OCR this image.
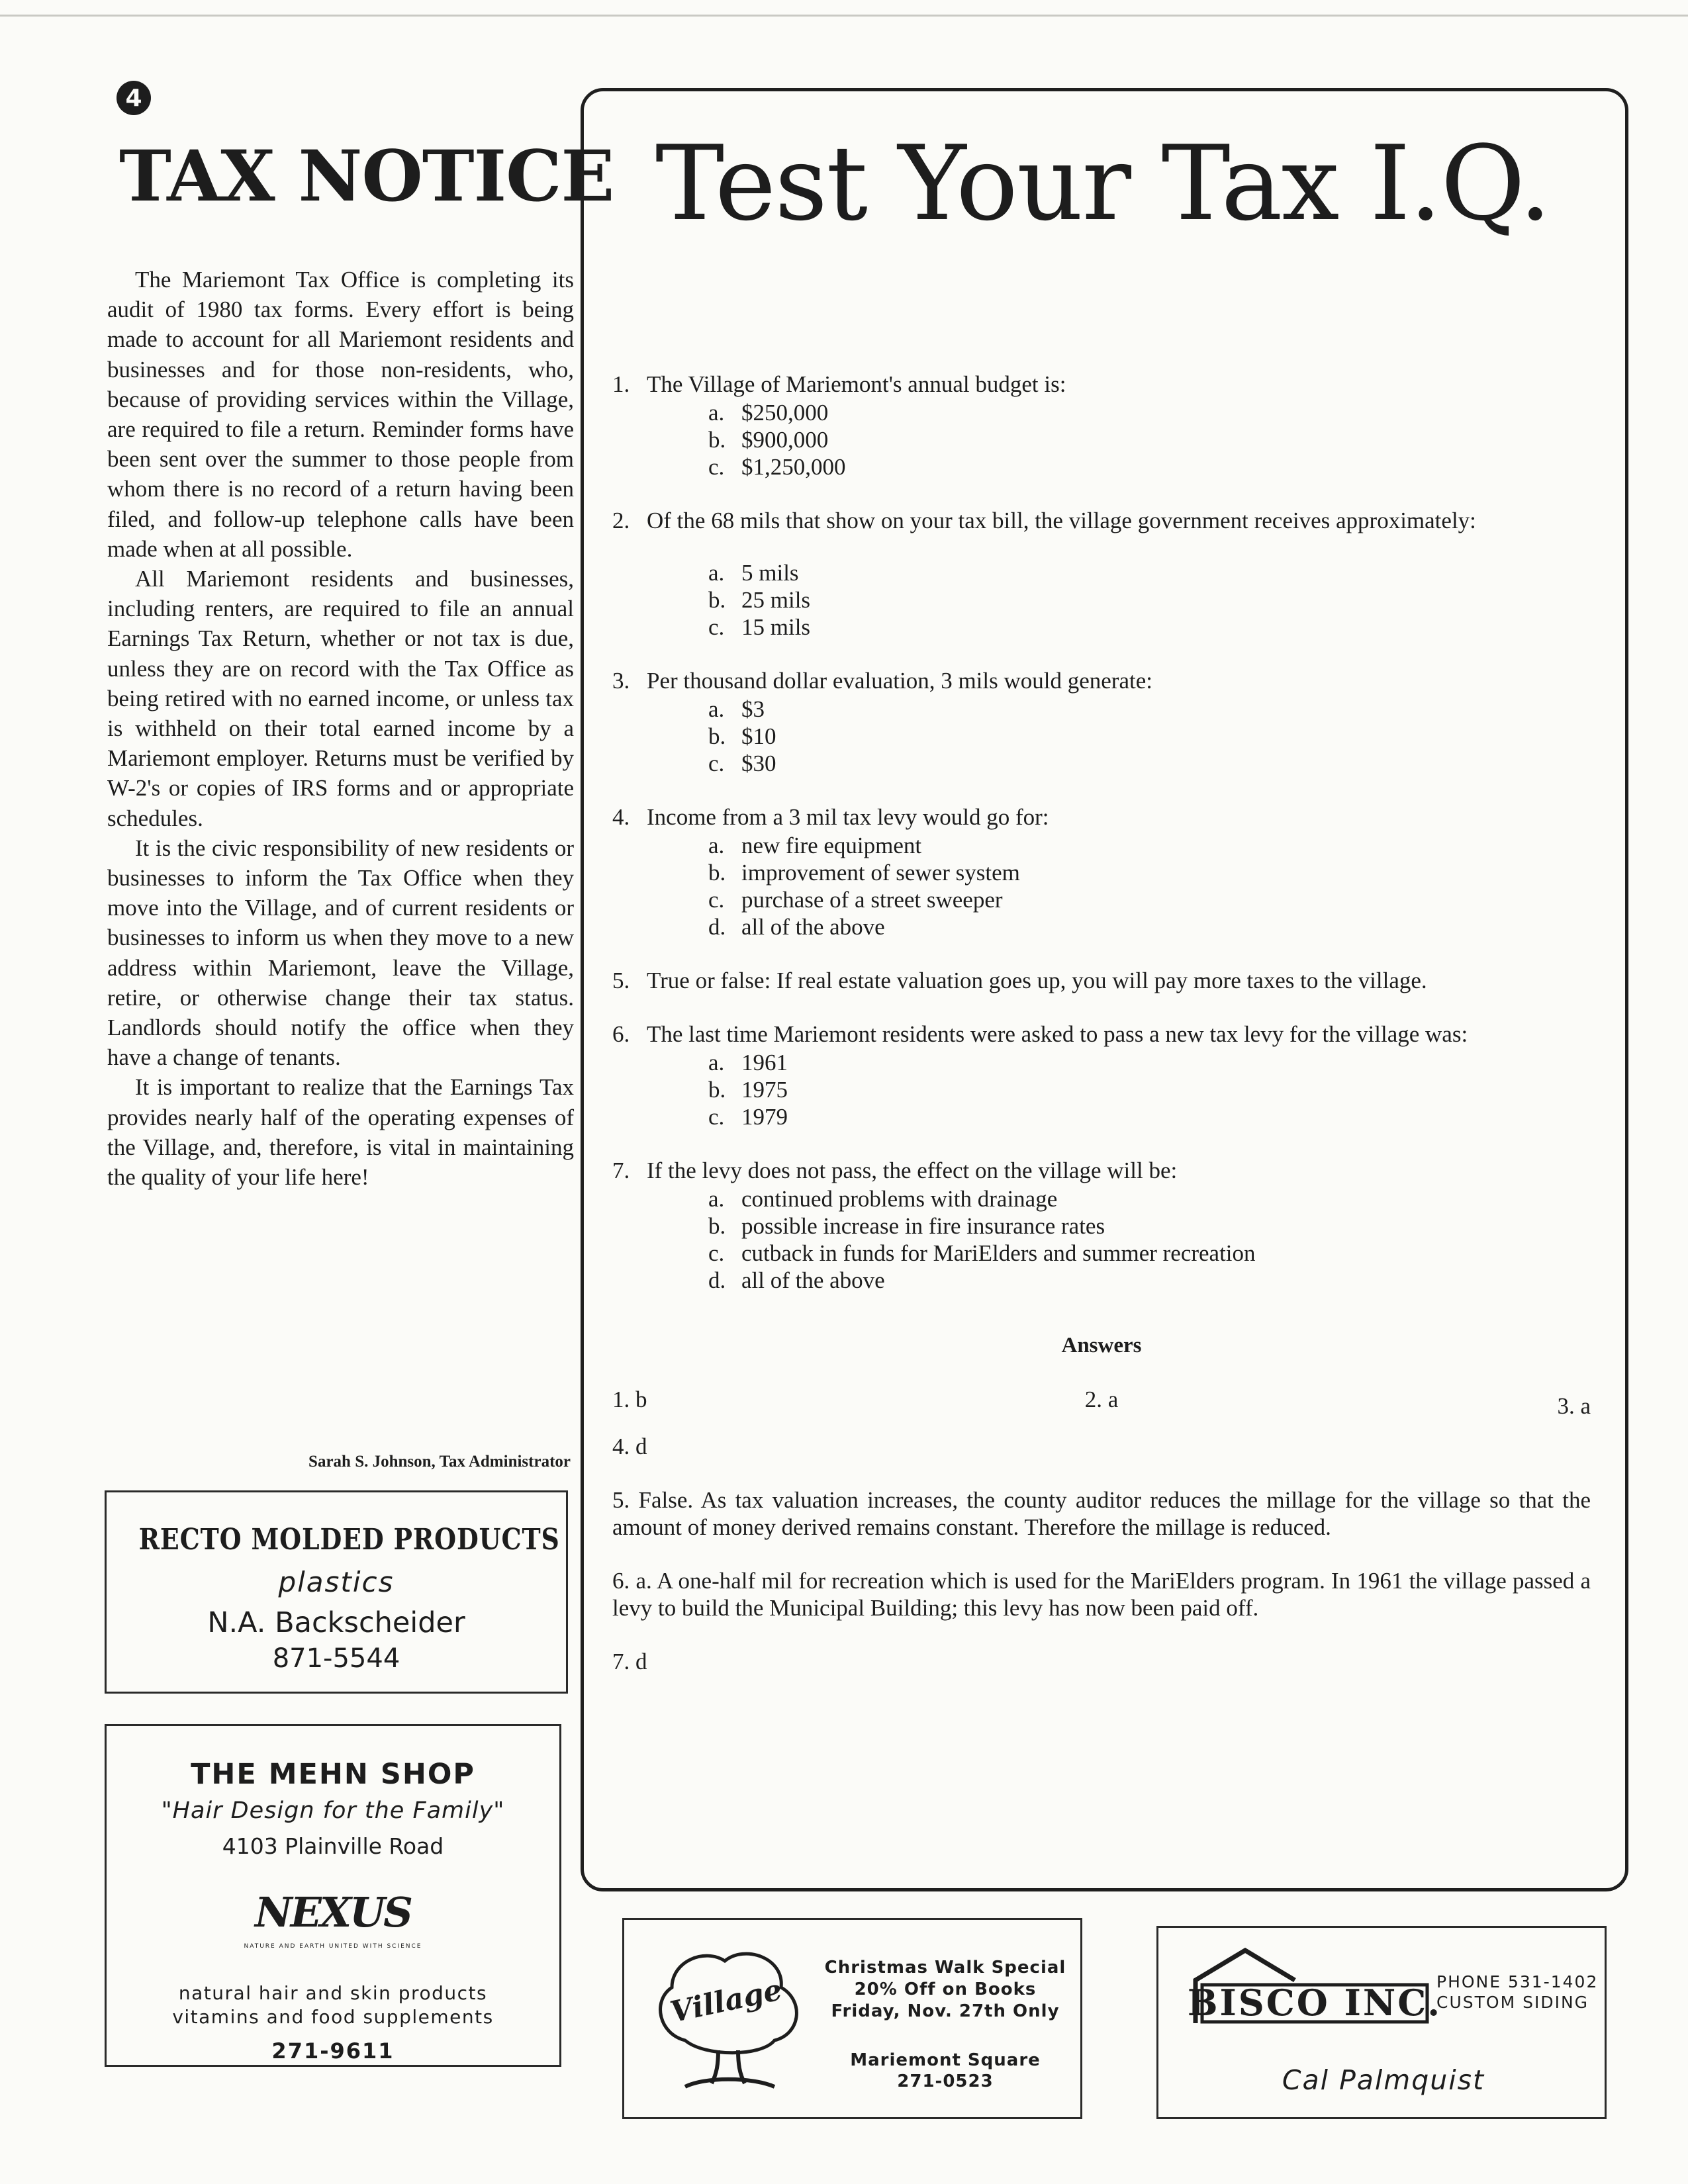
4
TAX NOTICE

The Mariemont Tax Office is completing its audit of 1980 tax forms. Every effort is being made to account for all Mariemont residents and businesses and for those non-residents, who, because of providing services within the Village, are required to file a return. Reminder forms have been sent over the summer to those people from whom there is no record of a return having been filed, and follow-up telephone calls have been made when at all possible.

All Mariemont residents and businesses, including renters, are required to file an annual Earnings Tax Return, whether or not tax is due, unless they are on record with the Tax Office as being retired with no earned income, or unless tax is withheld on their total earned income by a Mariemont employer. Returns must be verified by W-2's or copies of IRS forms and or appropriate schedules.

It is the civic responsibility of new residents or businesses to inform the Tax Office when they move into the Village, and of current residents or businesses to inform us when they move to a new address within Mariemont, leave the Village, retire, or otherwise change their tax status. Landlords should notify the office when they have a change of tenants.

It is important to realize that the Earnings Tax provides nearly half of the operating expenses of the Village, and, therefore, is vital in maintaining the quality of your life here!

Sarah S. Johnson, Tax Administrator
RECTO MOLDED PRODUCTS
plastics
N.A. Backscheider
871-5544
THE MEHN SHOP
"Hair Design for the Family"
4103 Plainville Road
NEXUS
NATURE AND EARTH UNITED WITH SCIENCE
natural hair and skin products
vitamins and food supplements
271-9611
Test Your Tax I.Q.
1. The Village of Mariemont's annual budget is:
a. $250,000
b. $900,000
c. $1,250,000
2. Of the 68 mils that show on your tax bill, the village government receives approximately:
a. 5 mils
b. 25 mils
c. 15 mils
3. Per thousand dollar evaluation, 3 mils would generate:
a. $3
b. $10
c. $30
4. Income from a 3 mil tax levy would go for:
a. new fire equipment
b. improvement of sewer system
c. purchase of a street sweeper
d. all of the above
5. True or false: If real estate valuation goes up, you will pay more taxes to the village.
6. The last time Mariemont residents were asked to pass a new tax levy for the village was:
a. 1961
b. 1975
c. 1979
7. If the levy does not pass, the effect on the village will be:
a. continued problems with drainage
b. possible increase in fire insurance rates
c. cutback in funds for MariElders and summer recreation
d. all of the above
Answers
1. b	2. a	3. a
4. d
5. False. As tax valuation increases, the county auditor reduces the millage for the village so that the amount of money derived remains constant. Therefore the millage is reduced.
6. a. A one-half mil for recreation which is used for the MariElders program. In 1961 the village passed a levy to build the Municipal Building; this levy has now been paid off.
7. d
Village
Christmas Walk Special
20% Off on Books
Friday, Nov. 27th Only
Mariemont Square
271-0523
BISCO INC.
PHONE 531-1402
CUSTOM SIDING
Cal Palmquist
